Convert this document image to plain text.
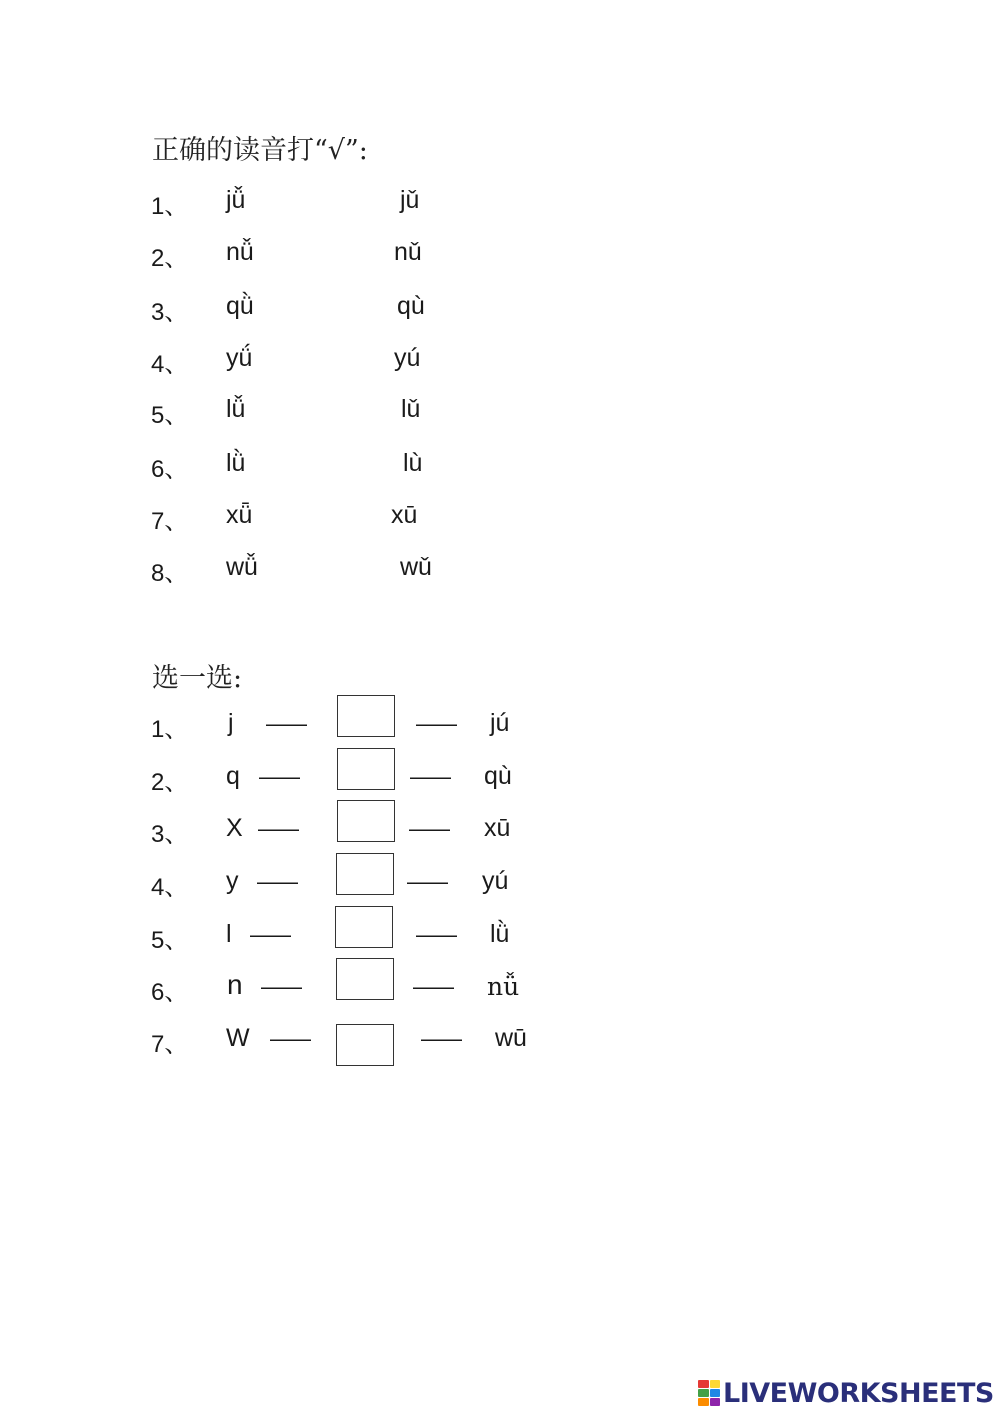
正确的读音打“√”:
1、 jǚ	jǔ
2、 nǚ	nǔ
3、 qǜ	qù
4、 yǘ	yú
5、 lǚ	lǔ
6、 lǜ	lù
7、 xǖ	xū
8、 wǚ	wǔ
选一选:
1、 j ——	—— jú
2、 q ——	—— qù
3、 X ——	—— xū
4、 y ——	—— yú
5、 l ——	—— lǜ
6、 n ——	—— nǚ
7、 W ——	—— wū
LIVEWORKSHEETS
